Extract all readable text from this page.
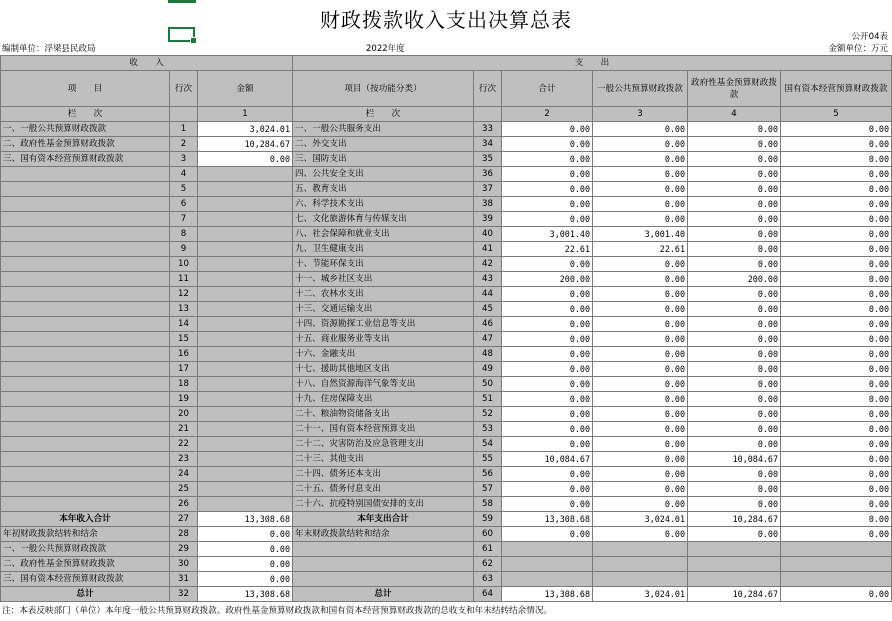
财政拨款收入支出决算总表
公开04表
编制单位：浮梁县民政局	2022年度	金额单位：万元
收　　入			支　　出					
项　　目	行次	金额	项目（按功能分类）	行次	合计	一般公共预算财政拨款	政府性基金预算财政拨款	国有资本经营预算财政拨款
栏　　次		1	栏　　次		2	3	4	5
一、一般公共预算财政拨款	1	3,024.01	一、一般公共服务支出	33	0.00	0.00	0.00	0.00
二、政府性基金预算财政拨款	2	10,284.67	二、外交支出	34	0.00	0.00	0.00	0.00
三、国有资本经营预算财政拨款	3	0.00	三、国防支出	35	0.00	0.00	0.00	0.00
	4		四、公共安全支出	36	0.00	0.00	0.00	0.00
	5		五、教育支出	37	0.00	0.00	0.00	0.00
	6		六、科学技术支出	38	0.00	0.00	0.00	0.00
	7		七、文化旅游体育与传媒支出	39	0.00	0.00	0.00	0.00
	8		八、社会保障和就业支出	40	3,001.40	3,001.40	0.00	0.00
	9		九、卫生健康支出	41	22.61	22.61	0.00	0.00
	10		十、节能环保支出	42	0.00	0.00	0.00	0.00
	11		十一、城乡社区支出	43	200.00	0.00	200.00	0.00
	12		十二、农林水支出	44	0.00	0.00	0.00	0.00
	13		十三、交通运输支出	45	0.00	0.00	0.00	0.00
	14		十四、资源勘探工业信息等支出	46	0.00	0.00	0.00	0.00
	15		十五、商业服务业等支出	47	0.00	0.00	0.00	0.00
	16		十六、金融支出	48	0.00	0.00	0.00	0.00
	17		十七、援助其他地区支出	49	0.00	0.00	0.00	0.00
	18		十八、自然资源海洋气象等支出	50	0.00	0.00	0.00	0.00
	19		十九、住房保障支出	51	0.00	0.00	0.00	0.00
	20		二十、粮油物资储备支出	52	0.00	0.00	0.00	0.00
	21		二十一、国有资本经营预算支出	53	0.00	0.00	0.00	0.00
	22		二十二、灾害防治及应急管理支出	54	0.00	0.00	0.00	0.00
	23		二十三、其他支出	55	10,084.67	0.00	10,084.67	0.00
	24		二十四、债务还本支出	56	0.00	0.00	0.00	0.00
	25		二十五、债务付息支出	57	0.00	0.00	0.00	0.00
	26		二十六、抗疫特别国债安排的支出	58	0.00	0.00	0.00	0.00
本年收入合计	27	13,308.68	本年支出合计	59	13,308.68	3,024.01	10,284.67	0.00
年初财政拨款结转和结余	28	0.00	年末财政拨款结转和结余	60	0.00	0.00	0.00	0.00
一、一般公共预算财政拨款	29	0.00		61				
二、政府性基金预算财政拨款	30	0.00		62				
三、国有资本经营预算财政拨款	31	0.00		63				
总计	32	13,308.68	总计	64	13,308.68	3,024.01	10,284.67	0.00
注：本表反映部门（单位）本年度一般公共预算财政拨款、政府性基金预算财政拨款和国有资本经营预算财政拨款的总收支和年末结转结余情况。
